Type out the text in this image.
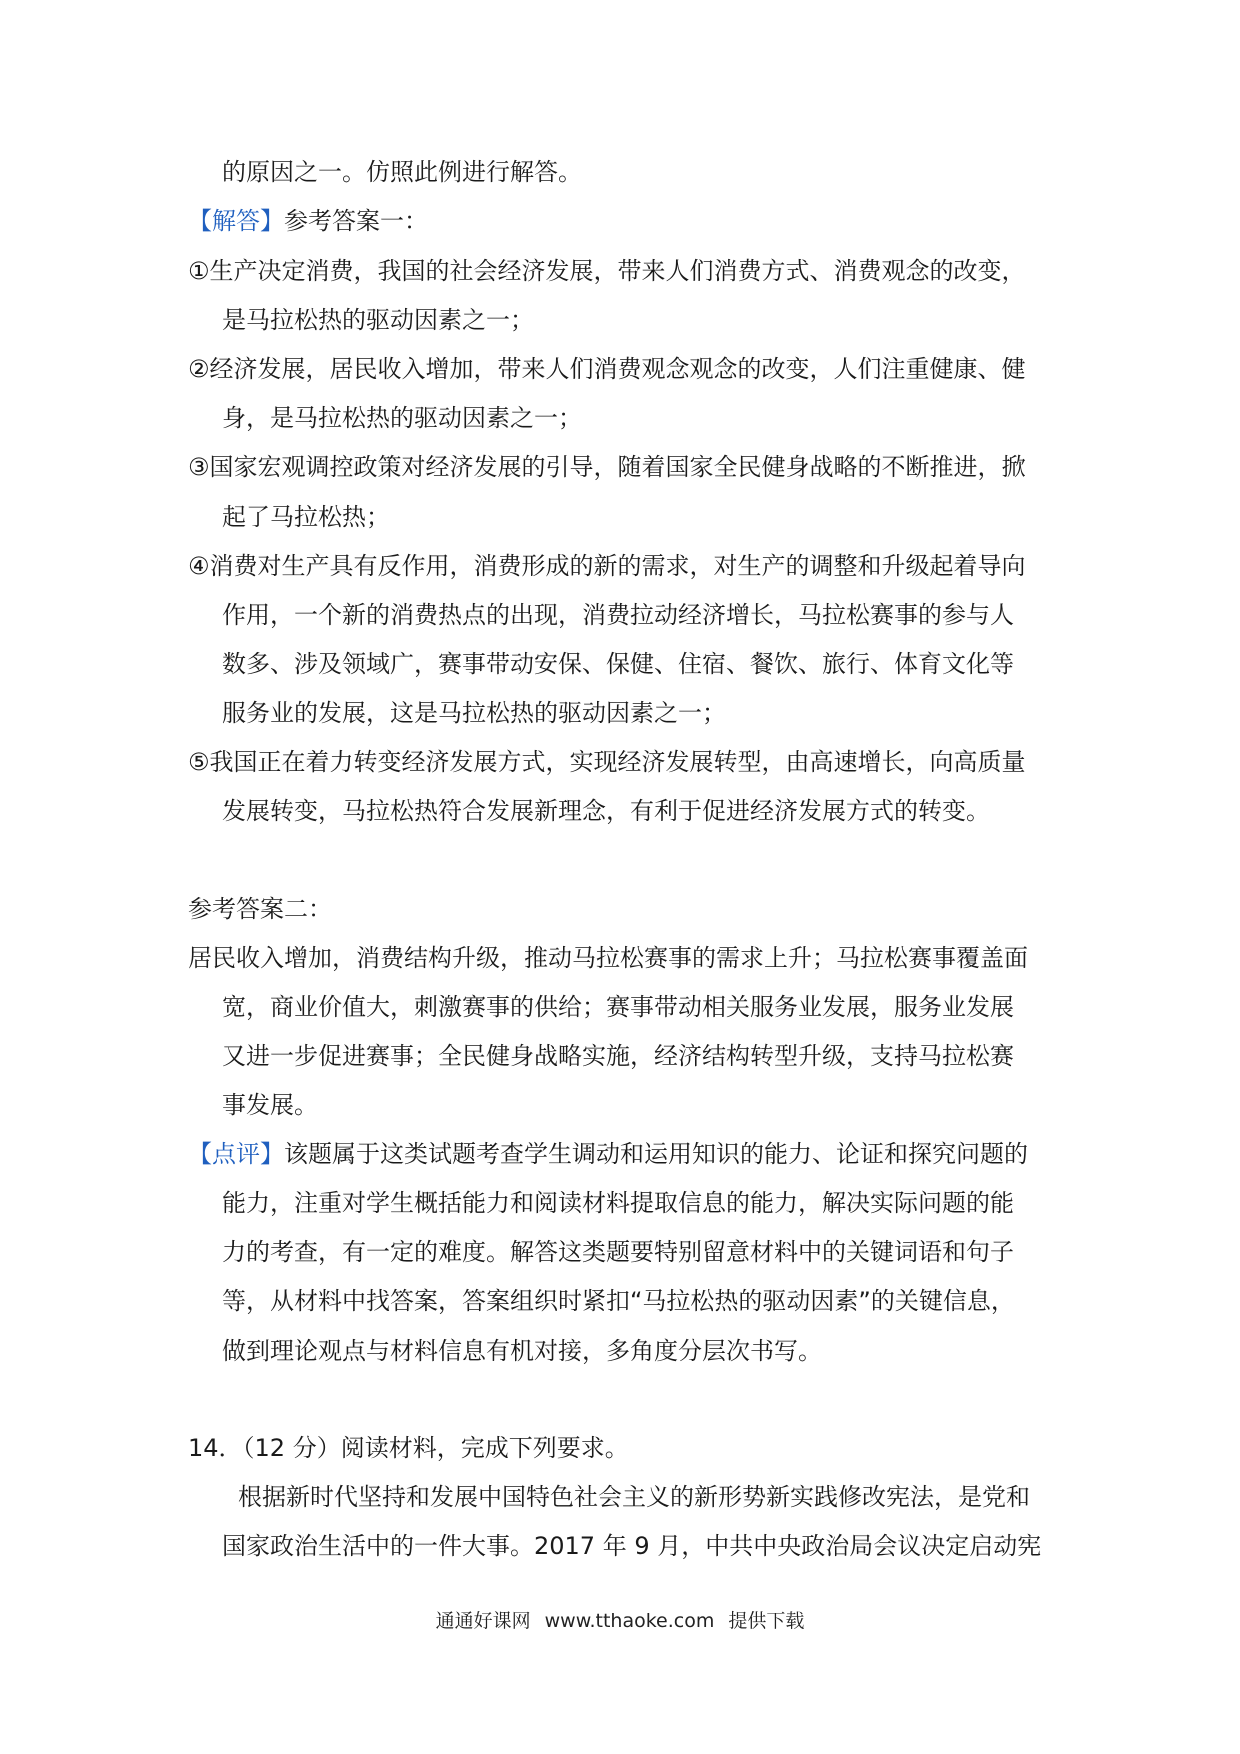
的原因之一。仿照此例进行解答。
【解答】参考答案一：
①生产决定消费，我国的社会经济发展，带来人们消费方式、消费观念的改变，
是马拉松热的驱动因素之一；
②经济发展，居民收入增加，带来人们消费观念观念的改变，人们注重健康、健
身，是马拉松热的驱动因素之一；
③国家宏观调控政策对经济发展的引导，随着国家全民健身战略的不断推进，掀
起了马拉松热；
④消费对生产具有反作用，消费形成的新的需求，对生产的调整和升级起着导向
作用，一个新的消费热点的出现，消费拉动经济增长，马拉松赛事的参与人
数多、涉及领域广，赛事带动安保、保健、住宿、餐饮、旅行、体育文化等
服务业的发展，这是马拉松热的驱动因素之一；
⑤我国正在着力转变经济发展方式，实现经济发展转型，由高速增长，向高质量
发展转变，马拉松热符合发展新理念，有利于促进经济发展方式的转变。
参考答案二：
居民收入增加，消费结构升级，推动马拉松赛事的需求上升；马拉松赛事覆盖面
宽，商业价值大，刺激赛事的供给；赛事带动相关服务业发展，服务业发展
又进一步促进赛事；全民健身战略实施，经济结构转型升级，支持马拉松赛
事发展。
【点评】该题属于这类试题考查学生调动和运用知识的能力、论证和探究问题的
能力，注重对学生概括能力和阅读材料提取信息的能力，解决实际问题的能
力的考查，有一定的难度。解答这类题要特别留意材料中的关键词语和句子
等，从材料中找答案，答案组织时紧扣“马拉松热的驱动因素”的关键信息，
做到理论观点与材料信息有机对接，多角度分层次书写。
14．（12 分）阅读材料，完成下列要求。
根据新时代坚持和发展中国特色社会主义的新形势新实践修改宪法，是党和
国家政治生活中的一件大事。2017 年 9 月，中共中央政治局会议决定启动宪
通通好课网 www.tthaoke.com 提供下载
